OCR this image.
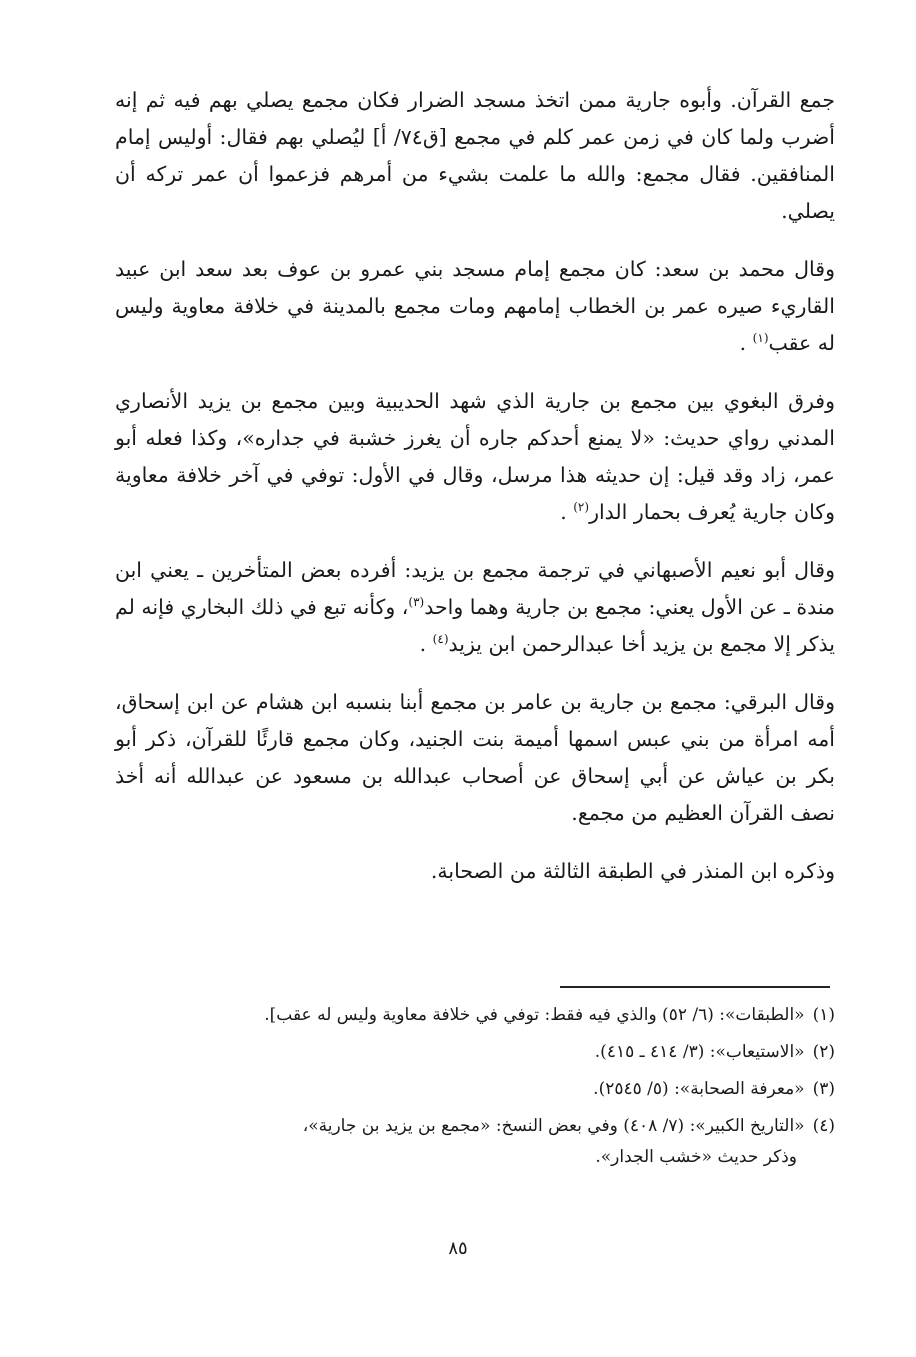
جمع القرآن. وأبوه جارية ممن اتخذ مسجد الضرار فكان مجمع يصلي بهم فيه ثم إنه أضرب ولما كان في زمن عمر كلم في مجمع [ق٧٤/ أ] ليُصلي بهم فقال: أوليس إمام المنافقين. فقال مجمع: والله ما علمت بشيء من أمرهم فزعموا أن عمر تركه أن يصلي.

وقال محمد بن سعد: كان مجمع إمام مسجد بني عمرو بن عوف بعد سعد ابن عبيد القاريء صيره عمر بن الخطاب إمامهم ومات مجمع بالمدينة في خلافة معاوية وليس له عقب$^{(١)}$ .

وفرق البغوي بين مجمع بن جارية الذي شهد الحديبية وبين مجمع بن يزيد الأنصاري المدني رواي حديث: «لا يمنع أحدكم جاره أن يغرز خشبة في جداره»، وكذا فعله أبو عمر، زاد وقد قيل: إن حديثه هذا مرسل، وقال في الأول: توفي في آخر خلافة معاوية وكان جارية يُعرف بحمار الدار$^{(٢)}$ .

وقال أبو نعيم الأصبهاني في ترجمة مجمع بن يزيد: أفرده بعض المتأخرين ـ يعني ابن مندة ـ عن الأول يعني: مجمع بن جارية وهما واحد$^{(٣)}$، وكأنه تبع في ذلك البخاري فإنه لم يذكر إلا مجمع بن يزيد أخا عبدالرحمن ابن يزيد$^{(٤)}$ .

وقال البرقي: مجمع بن جارية بن عامر بن مجمع أبنا بنسبه ابن هشام عن ابن إسحاق، أمه امرأة من بني عبس اسمها أميمة بنت الجنيد، وكان مجمع قارئًا للقرآن، ذكر أبو بكر بن عياش عن أبي إسحاق عن أصحاب عبدالله بن مسعود عن عبدالله أنه أخذ نصف القرآن العظيم من مجمع.

وذكره ابن المنذر في الطبقة الثالثة من الصحابة.

(١)«الطبقات»: (٦/ ٥٢) والذي فيه فقط: توفي في خلافة معاوية وليس له عقب].

(٢)«الاستيعاب»: (٣/ ٤١٤ ـ ٤١٥).

(٣)«معرفة الصحابة»: (٥/ ٢٥٤٥).

(٤)«التاريخ الكبير»: (٧/ ٤٠٨) وفي بعض النسخ: «مجمع بن يزيد بن جارية»،
وذكر حديث «خشب الجدار».

٨٥
